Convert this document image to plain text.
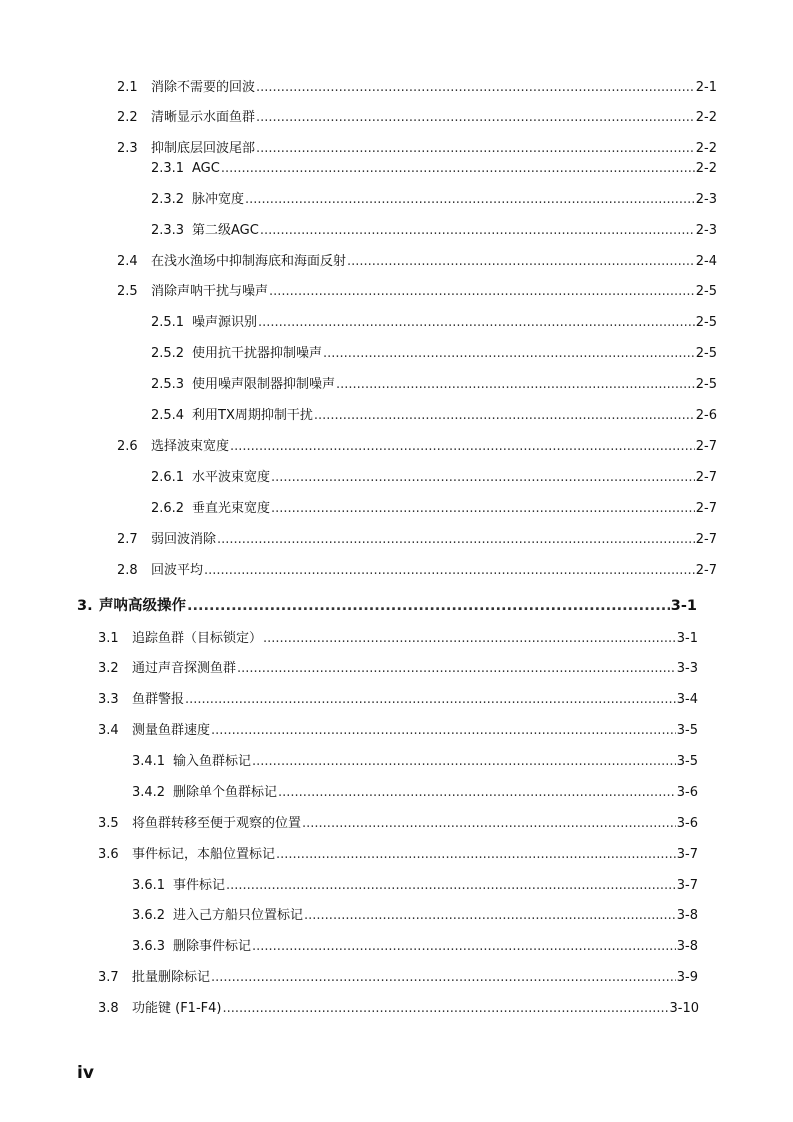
2.1	消除不需要的回波 .....	2-1
2.2	清晰显示水面鱼群 .....	2-2
2.3	抑制底层回波尾部 .....	2-2
2.3.1 AGC .....	2-2
2.3.2 脉冲宽度 .....	2-3
2.3.3 第二级AGC .....	2-3
2.4	在浅水渔场中抑制海底和海面反射 .....	2-4
2.5	消除声呐干扰与噪声 .....	2-5
2.5.1 噪声源识别 .....	2-5
2.5.2 使用抗干扰器抑制噪声 .....	2-5
2.5.3 使用噪声限制器抑制噪声 .....	2-5
2.5.4 利用TX周期抑制干扰 .....	2-6
2.6	选择波束宽度 .....	2-7
2.6.1 水平波束宽度 .....	2-7
2.6.2 垂直光束宽度 .....	2-7
2.7	弱回波消除 .....	2-7
2.8	回波平均 .....	2-7
3. 声呐高级操作 .....	3-1
3.1	追踪鱼群（目标锁定） .....	3-1
3.2	通过声音探测鱼群 .....	3-3
3.3	鱼群警报 .....	3-4
3.4	测量鱼群速度 .....	3-5
3.4.1 输入鱼群标记 .....	3-5
3.4.2 删除单个鱼群标记 .....	3-6
3.5	将鱼群转移至便于观察的位置 .....	3-6
3.6	事件标记，本船位置标记 .....	3-7
3.6.1 事件标记 .....	3-7
3.6.2 进入己方船只位置标记 .....	3-8
3.6.3 删除事件标记 .....	3-8
3.7	批量删除标记 .....	3-9
3.8	功能键 (F1-F4) .....	3-10
iv
